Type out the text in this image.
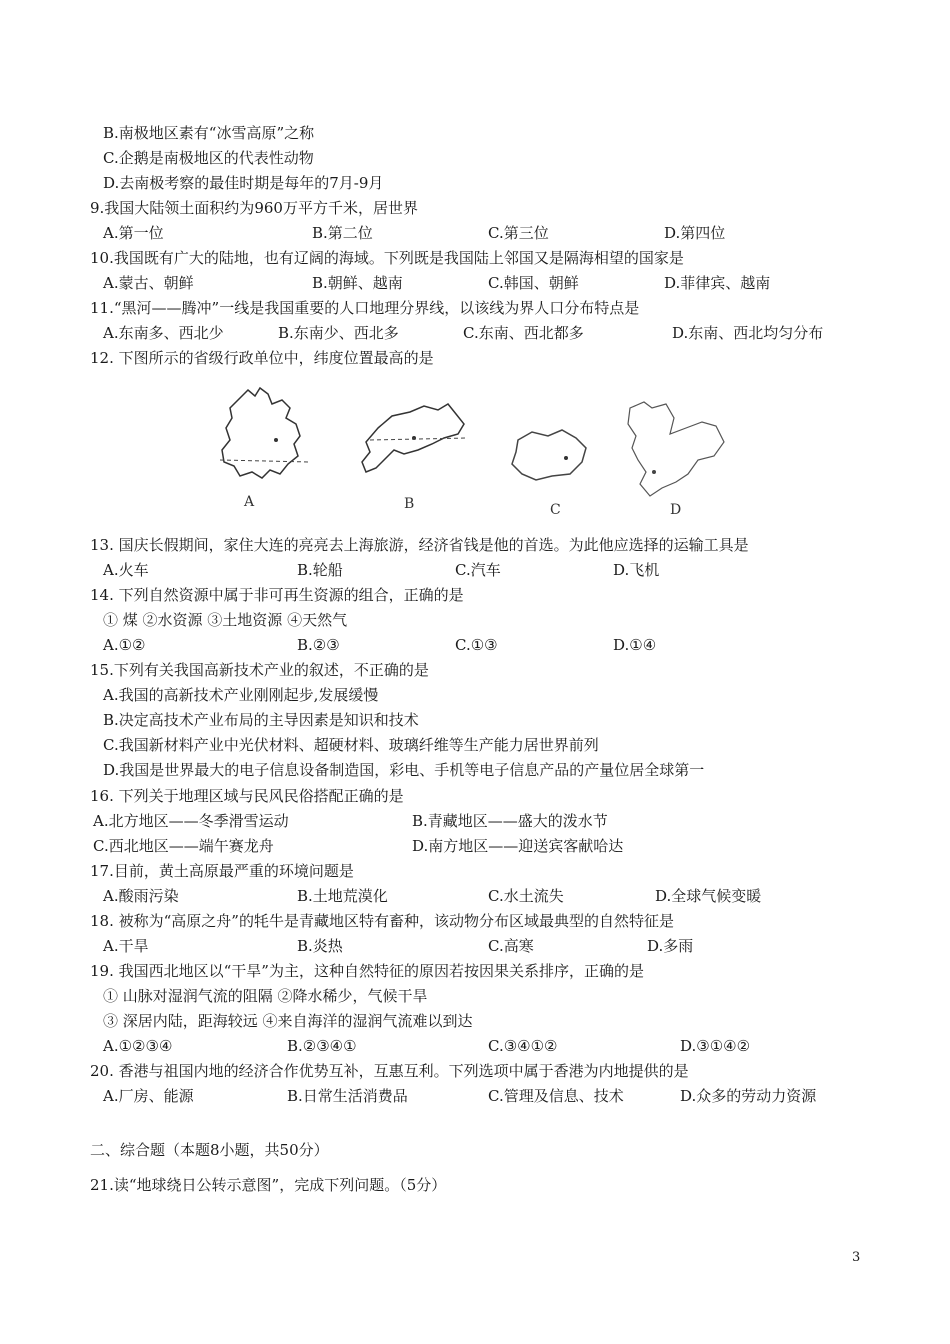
B.南极地区素有“冰雪高原”之称
C.企鹅是南极地区的代表性动物
D.去南极考察的最佳时期是每年的7月-9月
9.我国大陆领土面积约为960万平方千米，居世界
A.第一位	B.第二位	C.第三位	D.第四位
10.我国既有广大的陆地，也有辽阔的海域。下列既是我国陆上邻国又是隔海相望的国家是
A.蒙古、朝鲜	B.朝鲜、越南	C.韩国、朝鲜	D.菲律宾、越南
11.“黑河——腾冲”一线是我国重要的人口地理分界线，以该线为界人口分布特点是
A.东南多、西北少	B.东南少、西北多	C.东南、西北都多	D.东南、西北均匀分布
12. 下图所示的省级行政单位中，纬度位置最高的是
A	B	C	D
13. 国庆长假期间，家住大连的亮亮去上海旅游，经济省钱是他的首选。为此他应选择的运输工具是
A.火车	B.轮船	C.汽车	D.飞机
14. 下列自然资源中属于非可再生资源的组合，正确的是
① 煤 ②水资源 ③土地资源 ④天然气
A.①②	B.②③	C.①③	D.①④
15.下列有关我国高新技术产业的叙述，不正确的是
A.我国的高新技术产业刚刚起步,发展缓慢
B.决定高技术产业布局的主导因素是知识和技术
C.我国新材料产业中光伏材料、超硬材料、玻璃纤维等生产能力居世界前列
D.我国是世界最大的电子信息设备制造国，彩电、手机等电子信息产品的产量位居全球第一
16. 下列关于地理区域与民风民俗搭配正确的是
A.北方地区——冬季滑雪运动	B.青藏地区——盛大的泼水节
C.西北地区——端午赛龙舟	D.南方地区——迎送宾客献哈达
17.目前，黄土高原最严重的环境问题是
A.酸雨污染	B.土地荒漠化	C.水土流失	D.全球气候变暖
18. 被称为“高原之舟”的牦牛是青藏地区特有畜种，该动物分布区域最典型的自然特征是
A.干旱	B.炎热	C.高寒	D.多雨
19. 我国西北地区以“干旱”为主，这种自然特征的原因若按因果关系排序，正确的是
① 山脉对湿润气流的阻隔 ②降水稀少，气候干旱
③ 深居内陆，距海较远 ④来自海洋的湿润气流难以到达
A.①②③④	B.②③④①	C.③④①②	D.③①④②
20. 香港与祖国内地的经济合作优势互补，互惠互利。下列选项中属于香港为内地提供的是
A.厂房、能源	B.日常生活消费品	C.管理及信息、技术	D.众多的劳动力资源
二、综合题（本题8小题，共50分）
21.读“地球绕日公转示意图”，完成下列问题。（5分）
3
